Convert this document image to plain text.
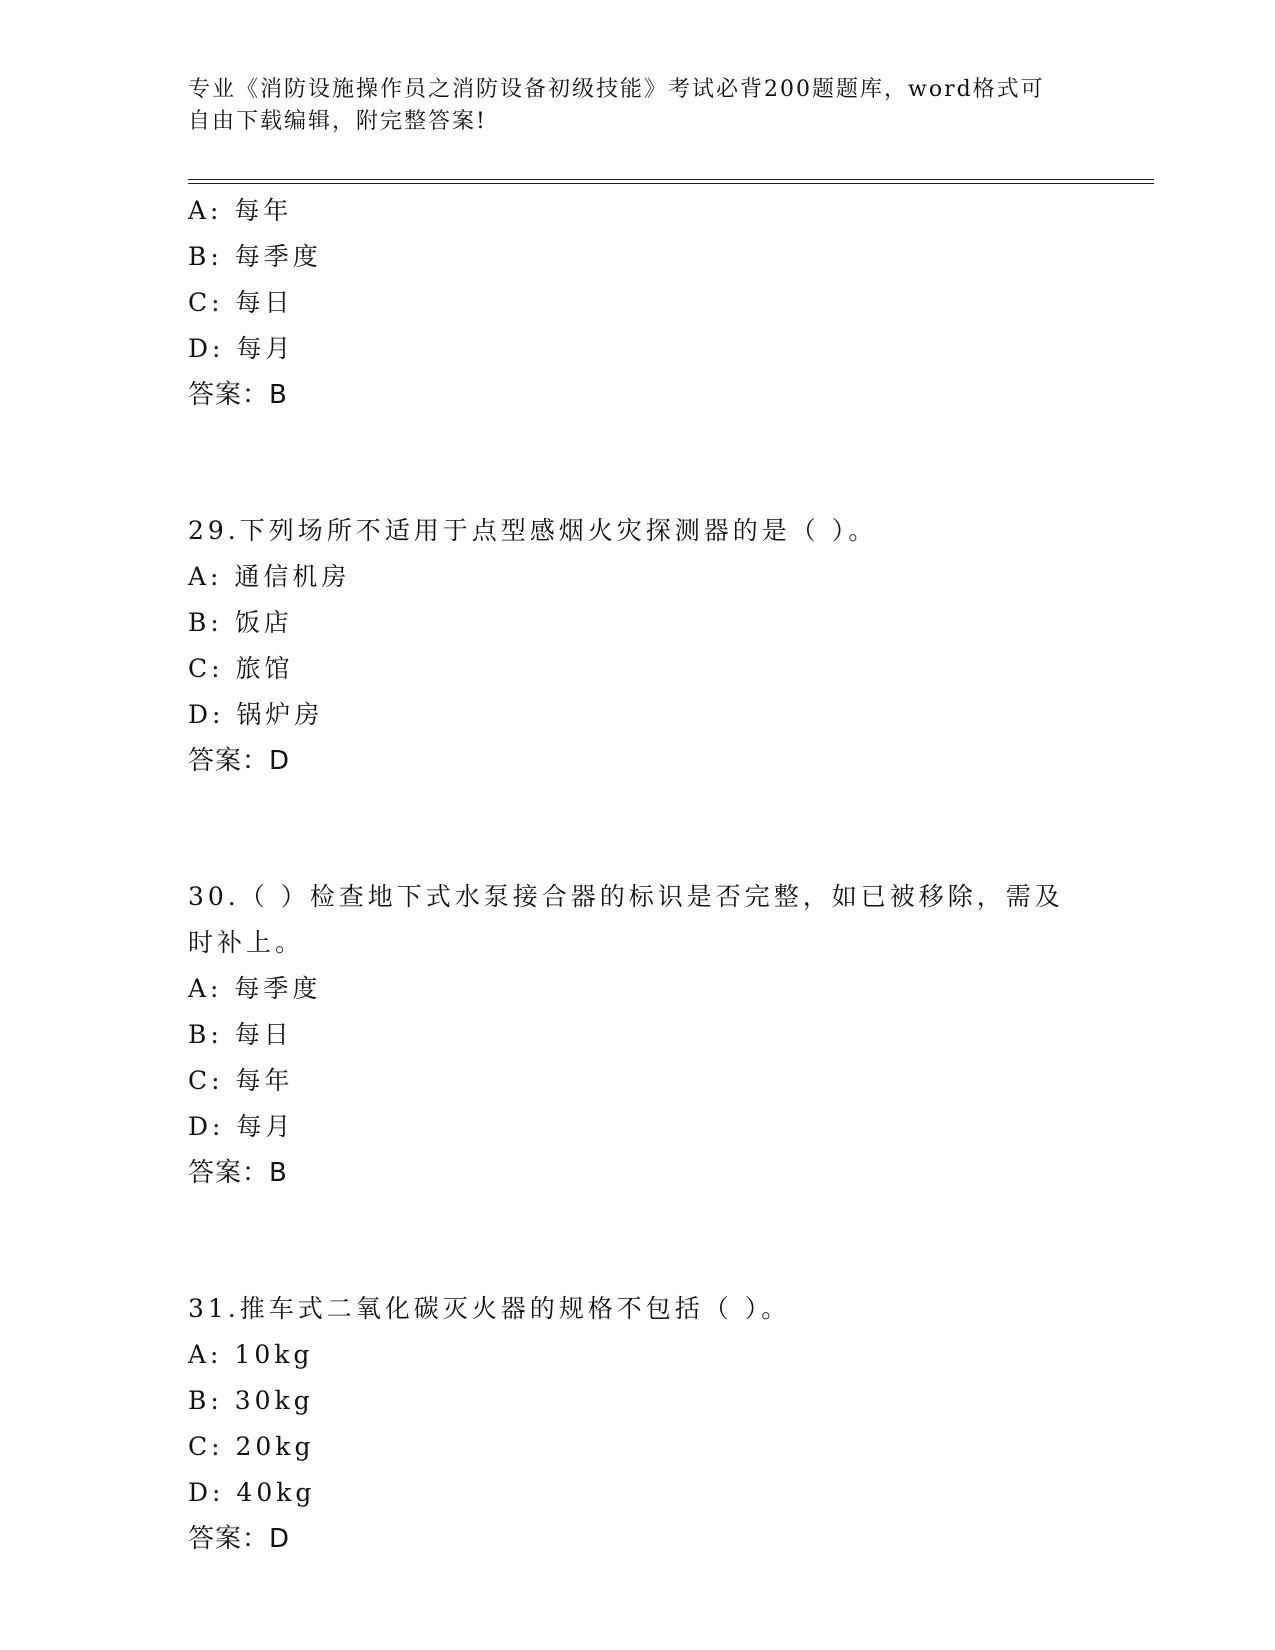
专业《消防设施操作员之消防设备初级技能》考试必背200题题库，word格式可
自由下载编辑，附完整答案!
A: 每年
B: 每季度
C: 每日
D: 每月
答案：B
29.下列场所不适用于点型感烟火灾探测器的是（ ）。
A: 通信机房
B: 饭店
C: 旅馆
D: 锅炉房
答案：D
30.（ ）检查地下式水泵接合器的标识是否完整，如已被移除，需及
时补上。
A: 每季度
B: 每日
C: 每年
D: 每月
答案：B
31.推车式二氧化碳灭火器的规格不包括（ ）。
A: 10kg
B: 30kg
C: 20kg
D: 40kg
答案：D
